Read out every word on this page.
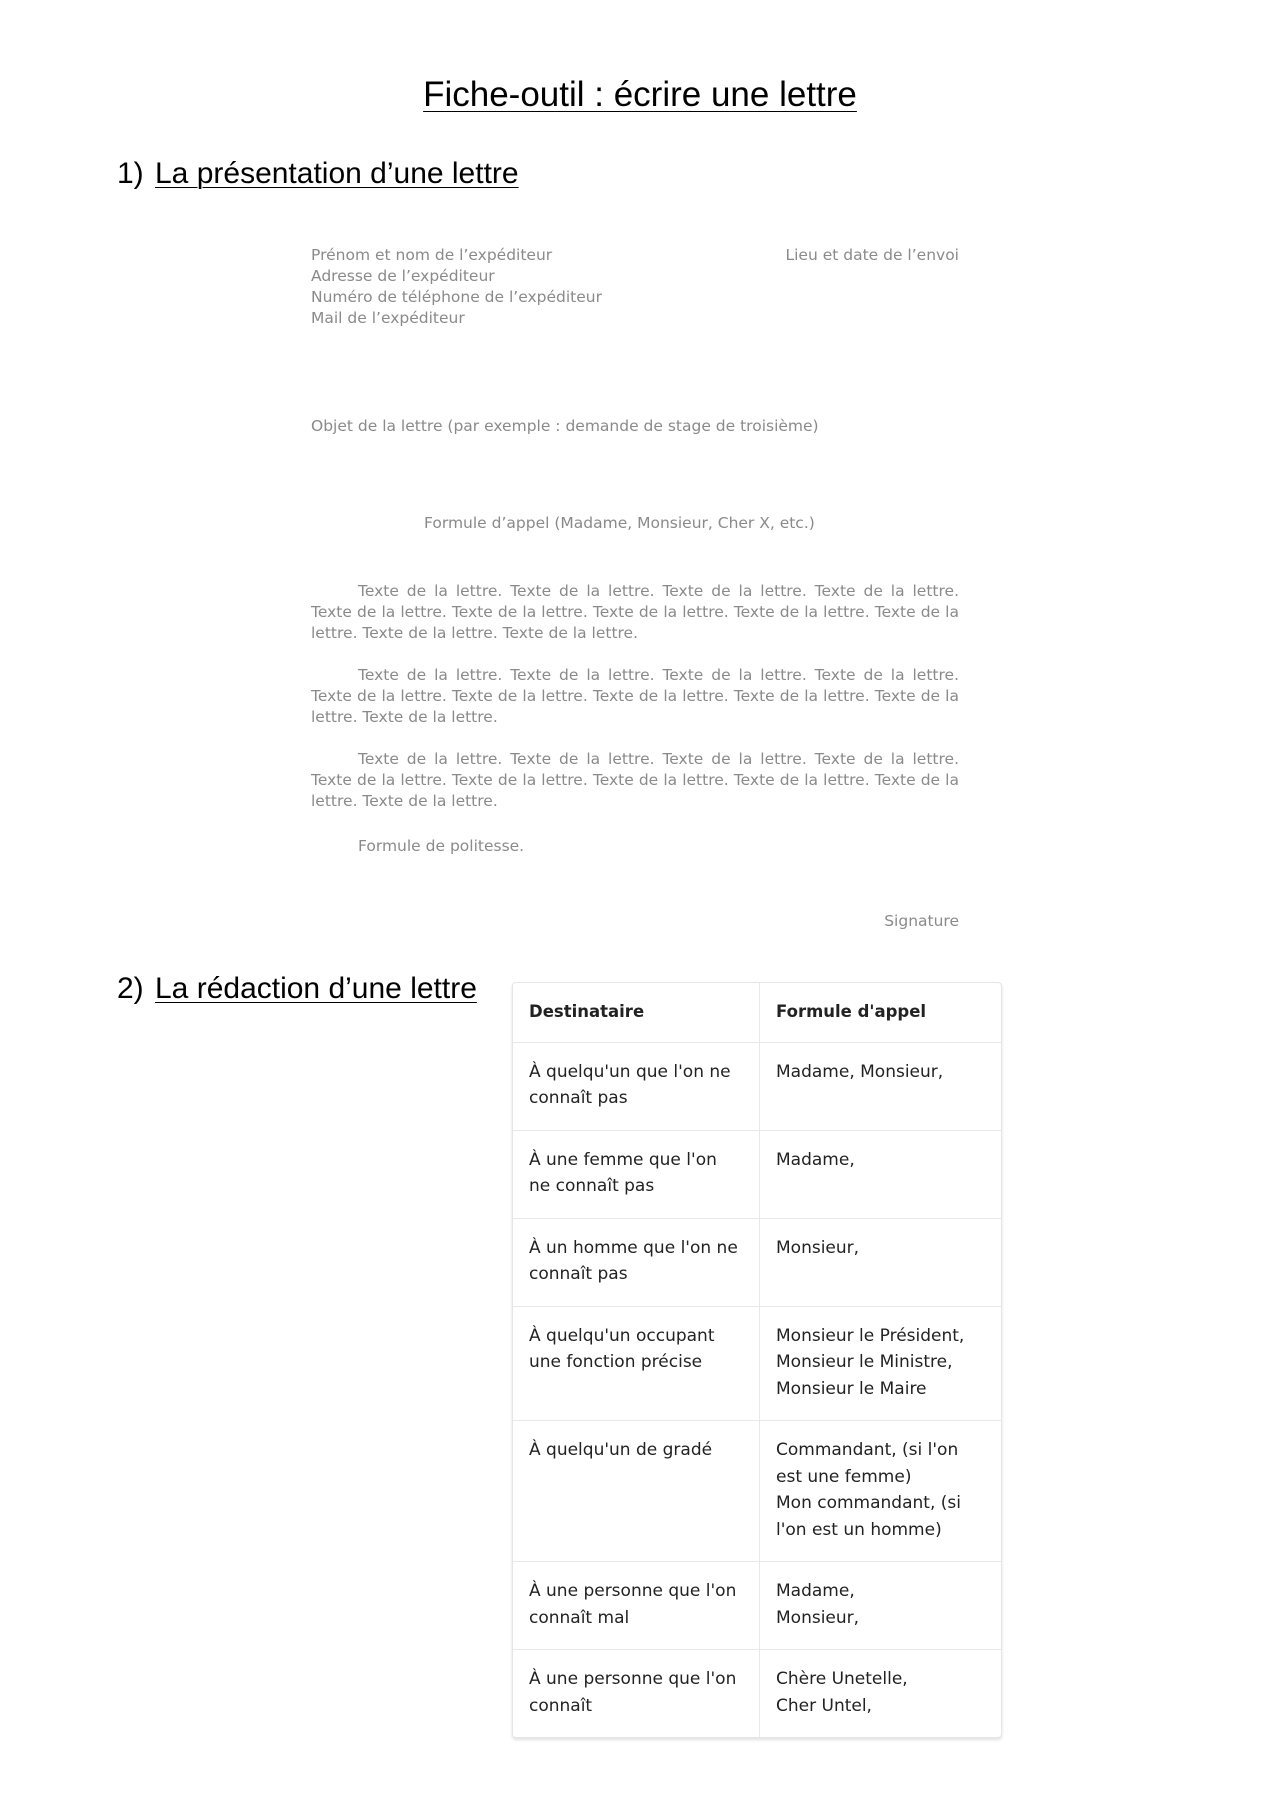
Fiche-outil : écrire une lettre
1) La présentation d’une lettre
Prénom et nom de l’expéditeur
Adresse de l’expéditeur
Numéro de téléphone de l’expéditeur
Mail de l’expéditeur
Lieu et date de l’envoi
Objet de la lettre (par exemple : demande de stage de troisième)
Formule d’appel (Madame, Monsieur, Cher X, etc.)

Texte de la lettre. Texte de la lettre. Texte de la lettre. Texte de la lettre. Texte de la lettre. Texte de la lettre. Texte de la lettre. Texte de la lettre. Texte de la lettre. Texte de la lettre. Texte de la lettre.

Texte de la lettre. Texte de la lettre. Texte de la lettre. Texte de la lettre. Texte de la lettre. Texte de la lettre. Texte de la lettre. Texte de la lettre. Texte de la lettre. Texte de la lettre.

Texte de la lettre. Texte de la lettre. Texte de la lettre. Texte de la lettre. Texte de la lettre. Texte de la lettre. Texte de la lettre. Texte de la lettre. Texte de la lettre. Texte de la lettre.

Formule de politesse.
Signature
2) La rédaction d’une lettre
Destinataire	Formule d'appel
À quelqu'un que l'on ne connaît pas	Madame, Monsieur,

À une femme que l'on ne connaît pas	Madame,

À un homme que l'on ne connaît pas	Monsieur,

À quelqu'un occupant une fonction précise	Monsieur le Président,
Monsieur le Ministre,
Monsieur le Maire

À quelqu'un de gradé	Commandant, (si l'on est une femme)
Mon commandant, (si l'on est un homme)

À une personne que l'on connaît mal	Madame,
Monsieur,

À une personne que l'on connaît	Chère Unetelle,
Cher Untel,
